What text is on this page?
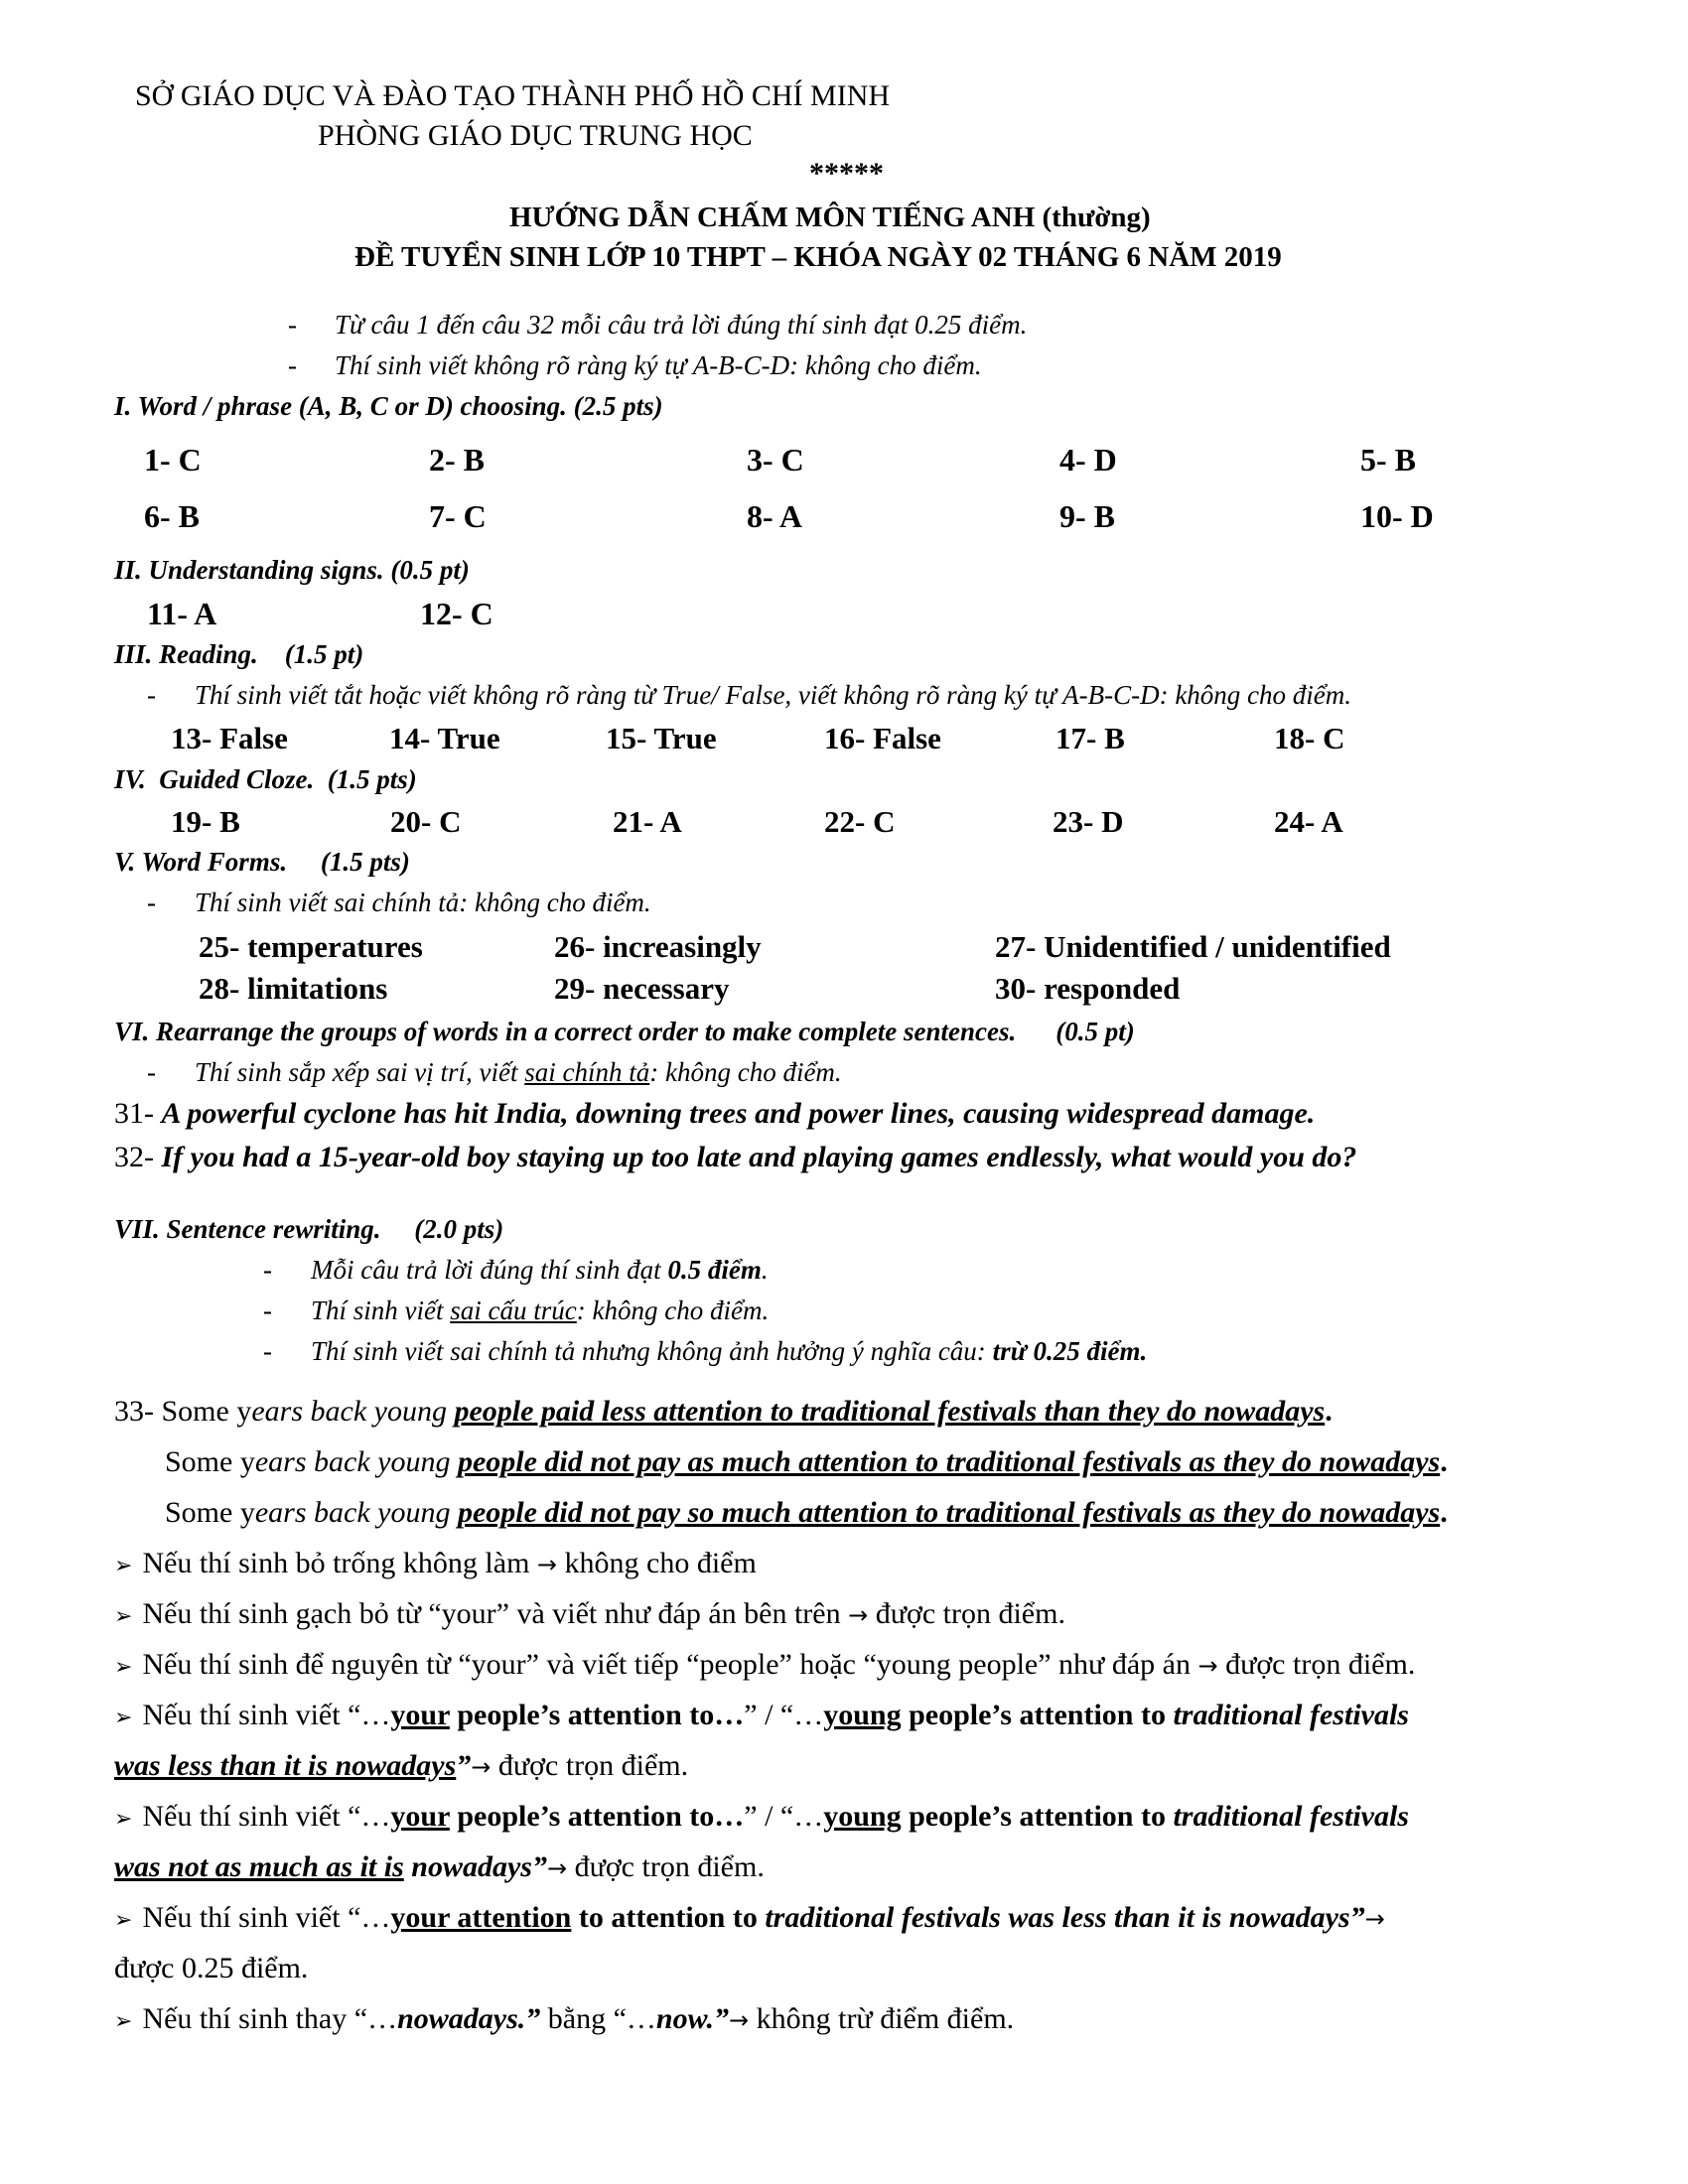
SỞ GIÁO DỤC VÀ ĐÀO TẠO THÀNH PHỐ HỒ CHÍ MINH
PHÒNG GIÁO DỤC TRUNG HỌC
*****
HƯỚNG DẪN CHẤM MÔN TIẾNG ANH (thường)
ĐỀ TUYỂN SINH LỚP 10 THPT – KHÓA NGÀY 02 THÁNG 6 NĂM 2019
- Từ câu 1 đến câu 32 mỗi câu trả lời đúng thí sinh đạt 0.25 điểm.
- Thí sinh viết không rõ ràng ký tự A-B-C-D: không cho điểm.
I. Word / phrase (A, B, C or D) choosing. (2.5 pts)
1- C	2- B	3- C	4- D	5- B
6- B	7- C	8- A	9- B	10- D
II. Understanding signs. (0.5 pt)
11- A	12- C
III. Reading.    (1.5 pt)
- Thí sinh viết tắt hoặc viết không rõ ràng từ True/ False, viết không rõ ràng ký tự A-B-C-D: không cho điểm.
13- False	14- True	15- True	16- False	17- B	18- C
IV.  Guided Cloze.  (1.5 pts)
19- B	20- C	21- A	22- C	23- D	24- A
V. Word Forms.     (1.5 pts)
- Thí sinh viết sai chính tả: không cho điểm.
25- temperatures	26- increasingly	27- Unidentified / unidentified
28- limitations	29- necessary	30- responded
VI. Rearrange the groups of words in a correct order to make complete sentences. (0.5 pt)
- Thí sinh sắp xếp sai vị trí, viết sai chính tả: không cho điểm.
31- A powerful cyclone has hit India, downing trees and power lines, causing widespread damage.
32- If you had a 15-year-old boy staying up too late and playing games endlessly, what would you do?
VII. Sentence rewriting.     (2.0 pts)
- Mỗi câu trả lời đúng thí sinh đạt 0.5 điểm.
- Thí sinh viết sai cấu trúc: không cho điểm.
- Thí sinh viết sai chính tả nhưng không ảnh hưởng ý nghĩa câu: trừ 0.25 điểm.
33- Some years back young people paid less attention to traditional festivals than they do nowadays.
Some years back young people did not pay as much attention to traditional festivals as they do nowadays.
Some years back young people did not pay so much attention to traditional festivals as they do nowadays.
➢ Nếu thí sinh bỏ trống không làm → không cho điểm
➢ Nếu thí sinh gạch bỏ từ “your” và viết như đáp án bên trên → được trọn điểm.
➢ Nếu thí sinh để nguyên từ “your” và viết tiếp “people” hoặc “young people” như đáp án → được trọn điểm.
➢ Nếu thí sinh viết “…your people’s attention to…” / “…young people’s attention to traditional festivals
was less than it is nowadays”→ được trọn điểm.
➢ Nếu thí sinh viết “…your people’s attention to…” / “…young people’s attention to traditional festivals
was not as much as it is nowadays”→ được trọn điểm.
➢ Nếu thí sinh viết “…your attention to attention to traditional festivals was less than it is nowadays”→
được 0.25 điểm.
➢ Nếu thí sinh thay “…nowadays.” bằng “…now.”→ không trừ điểm điểm.
